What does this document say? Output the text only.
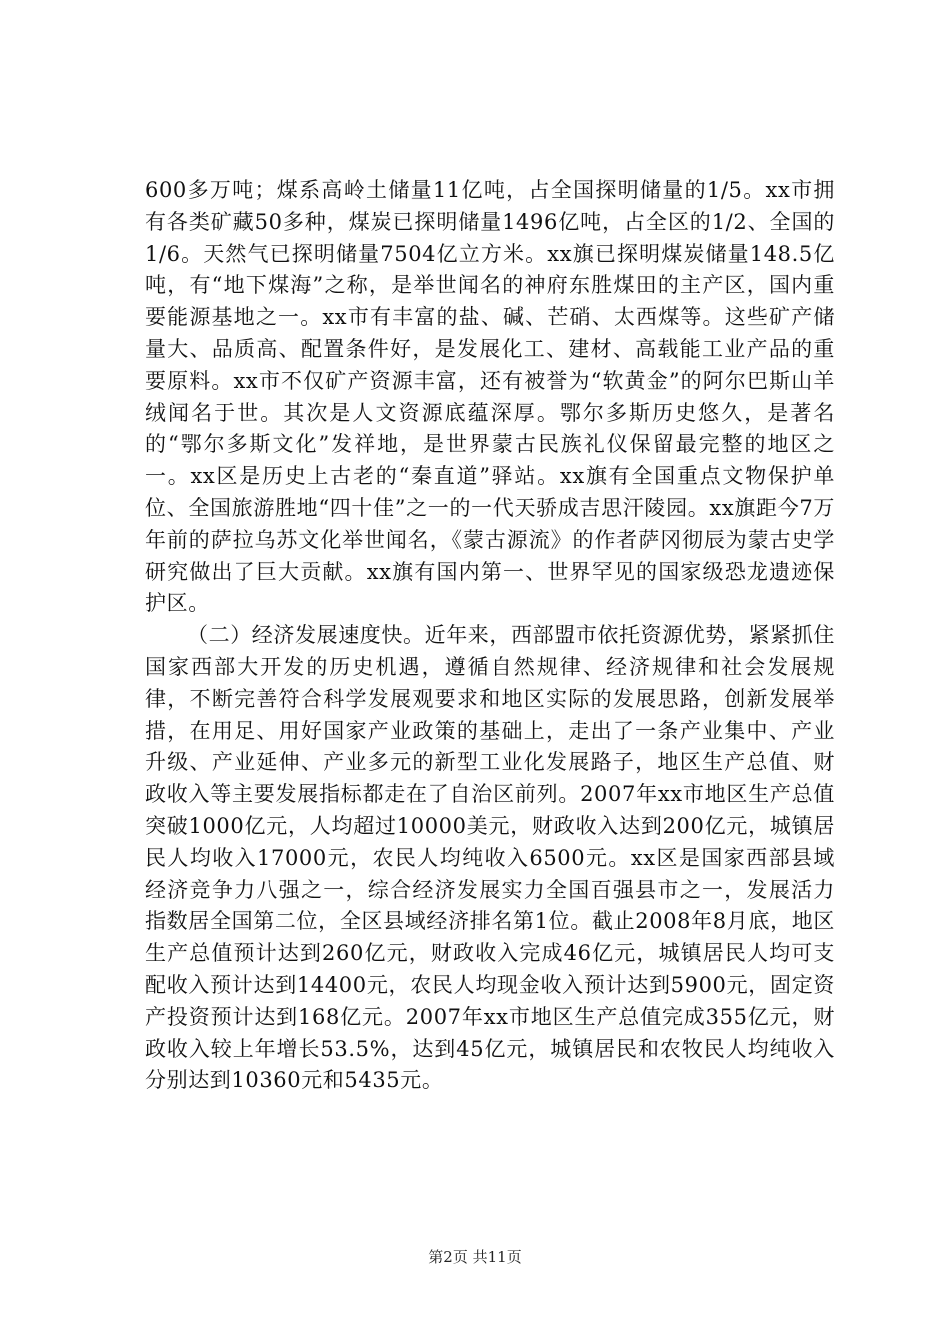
600多万吨；煤系高岭土储量11亿吨，占全国探明储量的1/5。xx市拥有各类矿藏50多种，煤炭已探明储量1496亿吨，占全区的1/2、全国的1/6。天然气已探明储量7504亿立方米。xx旗已探明煤炭储量148.5亿吨，有“地下煤海”之称，是举世闻名的神府东胜煤田的主产区，国内重要能源基地之一。xx市有丰富的盐、碱、芒硝、太西煤等。这些矿产储量大、品质高、配置条件好，是发展化工、建材、高载能工业产品的重要原料。xx市不仅矿产资源丰富，还有被誉为“软黄金”的阿尔巴斯山羊绒闻名于世。其次是人文资源底蕴深厚。鄂尔多斯历史悠久，是著名的“鄂尔多斯文化”发祥地，是世界蒙古民族礼仪保留最完整的地区之一。xx区是历史上古老的“秦直道”驿站。xx旗有全国重点文物保护单位、全国旅游胜地“四十佳”之一的一代天骄成吉思汗陵园。xx旗距今7万年前的萨拉乌苏文化举世闻名，《蒙古源流》的作者萨冈彻辰为蒙古史学研究做出了巨大贡献。xx旗有国内第一、世界罕见的国家级恐龙遗迹保护区。

（二）经济发展速度快。近年来，西部盟市依托资源优势，紧紧抓住国家西部大开发的历史机遇，遵循自然规律、经济规律和社会发展规律，不断完善符合科学发展观要求和地区实际的发展思路，创新发展举措，在用足、用好国家产业政策的基础上，走出了一条产业集中、产业升级、产业延伸、产业多元的新型工业化发展路子，地区生产总值、财政收入等主要发展指标都走在了自治区前列。2007年xx市地区生产总值突破1000亿元，人均超过10000美元，财政收入达到200亿元，城镇居民人均收入17000元，农民人均纯收入6500元。xx区是国家西部县域经济竞争力八强之一，综合经济发展实力全国百强县市之一，发展活力指数居全国第二位，全区县域经济排名第1位。截止2008年8月底，地区生产总值预计达到260亿元，财政收入完成46亿元，城镇居民人均可支配收入预计达到14400元，农民人均现金收入预计达到5900元，固定资产投资预计达到168亿元。2007年xx市地区生产总值完成355亿元，财政收入较上年增长53.5%，达到45亿元，城镇居民和农牧民人均纯收入分别达到10360元和5435元。

第2页 共11页
